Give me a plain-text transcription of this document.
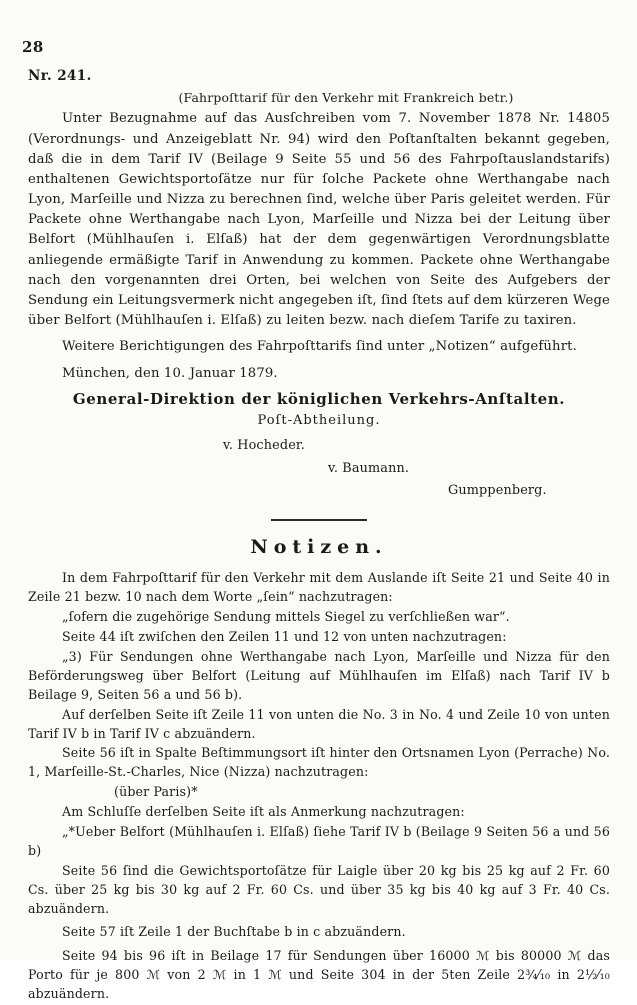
28
Nr. 241.
(Fahrpoſttarif für den Verkehr mit Frankreich betr.)

Unter Bezugnahme auf das Ausſchreiben vom 7. November 1878 Nr. 14805 (Verordnungs- und Anzeigeblatt Nr. 94) wird den Poſtanſtalten bekannt gegeben, daß die in dem Tarif IV (Beilage 9 Seite 55 und 56 des Fahrpoſtauslandstarifs) enthaltenen Gewichtsportoſätze nur für ſolche Packete ohne Werthangabe nach Lyon, Marſeille und Nizza zu berechnen ſind, welche über Paris geleitet werden. Für Packete ohne Werthangabe nach Lyon, Marſeille und Nizza bei der Leitung über Belfort (Mühlhauſen i. Elſaß) hat der dem gegenwärtigen Verordnungsblatte anliegende ermäßigte Tarif in Anwendung zu kommen. Packete ohne Werthangabe nach den vorgenannten drei Orten, bei welchen von Seite des Aufgebers der Sendung ein Leitungsvermerk nicht angegeben iſt, ſind ſtets auf dem kürzeren Wege über Belfort (Mühlhauſen i. Elſaß) zu leiten bezw. nach dieſem Tarife zu taxiren.

Weitere Berichtigungen des Fahrpoſttarifs ſind unter „Notizen“ aufgeführt.

München, den 10. Januar 1879.
General-Direktion der königlichen Verkehrs-Anſtalten.
Poſt-Abtheilung.
v. Hocheder.
v. Baumann.
Gumppenberg.
Notizen.

In dem Fahrpoſttarif für den Verkehr mit dem Auslande iſt Seite 21 und Seite 40 in Zeile 21 bezw. 10 nach dem Worte „ſein“ nachzutragen:

„ſofern die zugehörige Sendung mittels Siegel zu verſchließen war“.

Seite 44 iſt zwiſchen den Zeilen 11 und 12 von unten nachzutragen:

„3) Für Sendungen ohne Werthangabe nach Lyon, Marſeille und Nizza für den Beförderungsweg über Belfort (Leitung auf Mühlhauſen im Elſaß) nach Tarif IV b Beilage 9, Seiten 56 a und 56 b).

Auf derſelben Seite iſt Zeile 11 von unten die No. 3 in No. 4 und Zeile 10 von unten Tarif IV b in Tarif IV c abzuändern.

Seite 56 iſt in Spalte Beſtimmungsort iſt hinter den Ortsnamen Lyon (Perrache) No. 1, Marſeille-St.-Charles, Nice (Nizza) nachzutragen:

(über Paris)*

Am Schluſſe derſelben Seite iſt als Anmerkung nachzutragen:

„*Ueber Belfort (Mühlhauſen i. Elſaß) ſiehe Tarif IV b (Beilage 9 Seiten 56 a und 56 b)

Seite 56 ſind die Gewichtsportoſätze für Laigle über 20 kg bis 25 kg auf 2 Fr. 60 Cs. über 25 kg bis 30 kg auf 2 Fr. 60 Cs. und über 35 kg bis 40 kg auf 3 Fr. 40 Cs. abzuändern.

Seite 57 iſt Zeile 1 der Buchſtabe b in c abzuändern.

Seite 94 bis 96 iſt in Beilage 17 für Sendungen über 16000 ℳ bis 80000 ℳ das Porto für je 800 ℳ von 2 ℳ in 1 ℳ und Seite 304 in der 5ten Zeile 2¾⁄₁₀ in 2½⁄₁₀ abzuändern.
